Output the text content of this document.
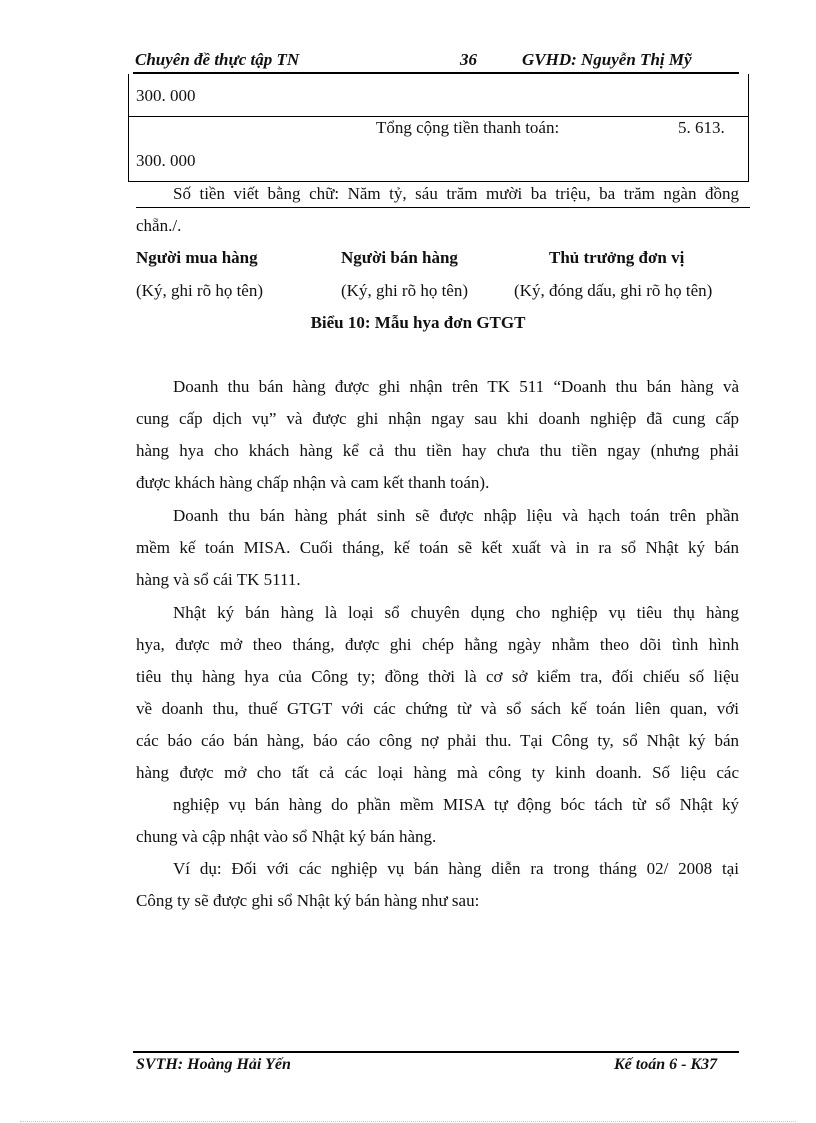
Chuyên đề thực tập TN	36	GVHD: Nguyễn Thị Mỹ
300. 000
Tổng cộng tiền thanh toán:	5. 613.
300. 000
Số tiền viết bằng chữ: Năm tỷ, sáu trăm mười ba triệu, ba trăm ngàn đồng
chẵn./.
Người mua hàng	Người bán hàng	Thủ trưởng đơn vị
(Ký, ghi rõ họ tên)	(Ký, ghi rõ họ tên)	(Ký, đóng dấu, ghi rõ họ tên)
Biểu 10: Mẫu hya đơn GTGT
Doanh thu bán hàng được ghi nhận trên TK 511 “Doanh thu bán hàng và
cung cấp dịch vụ” và được ghi nhận ngay sau khi doanh nghiệp đã cung cấp
hàng hya cho khách hàng kể cả thu tiền hay chưa thu tiền ngay (nhưng phải
được khách hàng chấp nhận và cam kết thanh toán).
Doanh thu bán hàng phát sinh sẽ được nhập liệu và hạch toán trên phần
mềm kế toán MISA. Cuối tháng, kế toán sẽ kết xuất và in ra sổ Nhật ký bán
hàng và sổ cái TK 5111.
Nhật ký bán hàng là loại sổ chuyên dụng cho nghiệp vụ tiêu thụ hàng
hya, được mở theo tháng, được ghi chép hằng ngày nhằm theo dõi tình hình
tiêu thụ hàng hya của Công ty; đồng thời là cơ sở kiểm tra, đối chiếu số liệu
về doanh thu, thuế GTGT với các chứng từ và sổ sách kế toán liên quan, với
các báo cáo bán hàng, báo cáo công nợ phải thu. Tại Công ty, sổ Nhật ký bán
hàng được mở cho tất cả các loại hàng mà công ty kinh doanh. Số liệu các
nghiệp vụ bán hàng do phần mềm MISA tự động bóc tách từ sổ Nhật ký
chung và cập nhật vào sổ Nhật ký bán hàng.
Ví dụ: Đối với các nghiệp vụ bán hàng diễn ra trong tháng 02/ 2008 tại
Công ty sẽ được ghi sổ Nhật ký bán hàng như sau:
SVTH: Hoàng Hải Yến	Kế toán 6 - K37
